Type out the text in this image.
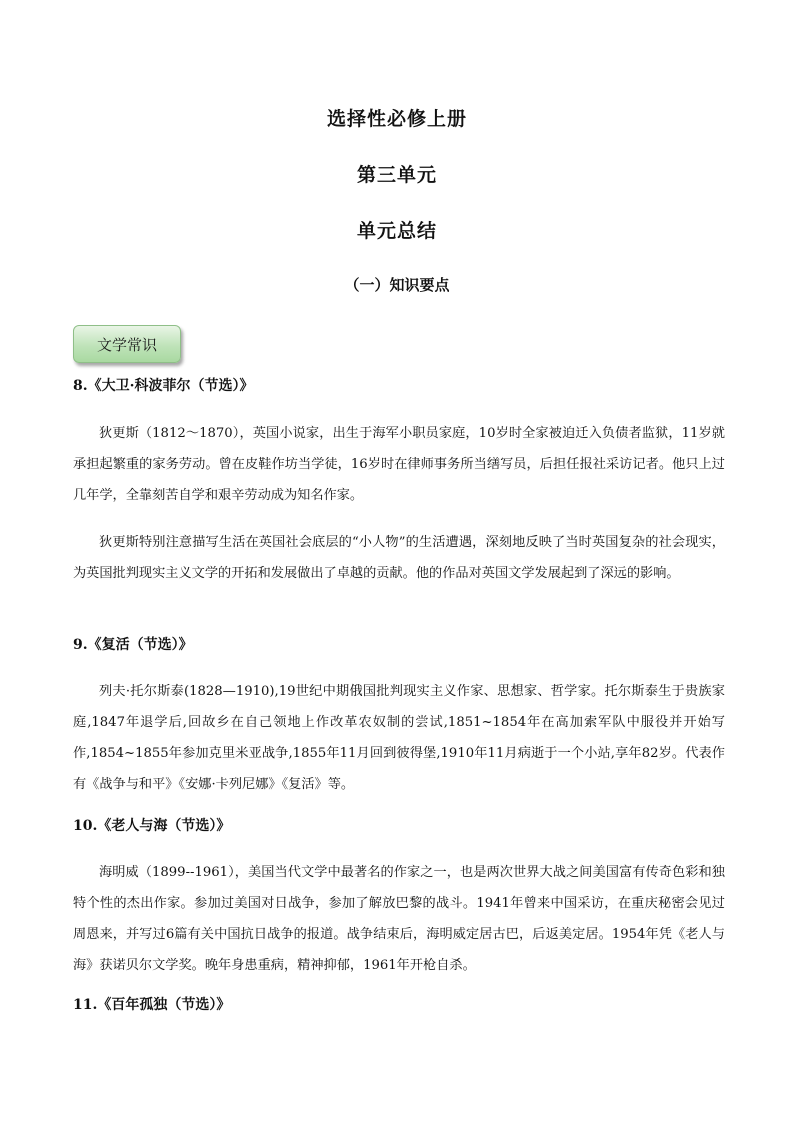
选择性必修上册
第三单元
单元总结
（一）知识要点
文学常识
8.《大卫·科波菲尔（节选）》
狄更斯（1812～1870），英国小说家，出生于海军小职员家庭，10岁时全家被迫迁入负债者监狱，11岁就承担起繁重的家务劳动。曾在皮鞋作坊当学徒，16岁时在律师事务所当缮写员，后担任报社采访记者。他只上过几年学，全靠刻苦自学和艰辛劳动成为知名作家。
狄更斯特别注意描写生活在英国社会底层的“小人物”的生活遭遇，深刻地反映了当时英国复杂的社会现实，为英国批判现实主义文学的开拓和发展做出了卓越的贡献。他的作品对英国文学发展起到了深远的影响。
9.《复活（节选）》
列夫·托尔斯泰(1828—1910),19世纪中期俄国批判现实主义作家、思想家、哲学家。托尔斯泰生于贵族家庭,1847年退学后,回故乡在自己领地上作改革农奴制的尝试,1851~1854年在高加索军队中服役并开始写作,1854~1855年参加克里米亚战争,1855年11月回到彼得堡,1910年11月病逝于一个小站,享年82岁。代表作有《战争与和平》《安娜·卡列尼娜》《复活》等。
10.《老人与海（节选）》
海明威（1899--1961），美国当代文学中最著名的作家之一，也是两次世界大战之间美国富有传奇色彩和独特个性的杰出作家。参加过美国对日战争，参加了解放巴黎的战斗。1941年曾来中国采访，在重庆秘密会见过周恩来，并写过6篇有关中国抗日战争的报道。战争结束后，海明威定居古巴，后返美定居。1954年凭《老人与海》获诺贝尔文学奖。晚年身患重病，精神抑郁，1961年开枪自杀。
11.《百年孤独（节选）》
